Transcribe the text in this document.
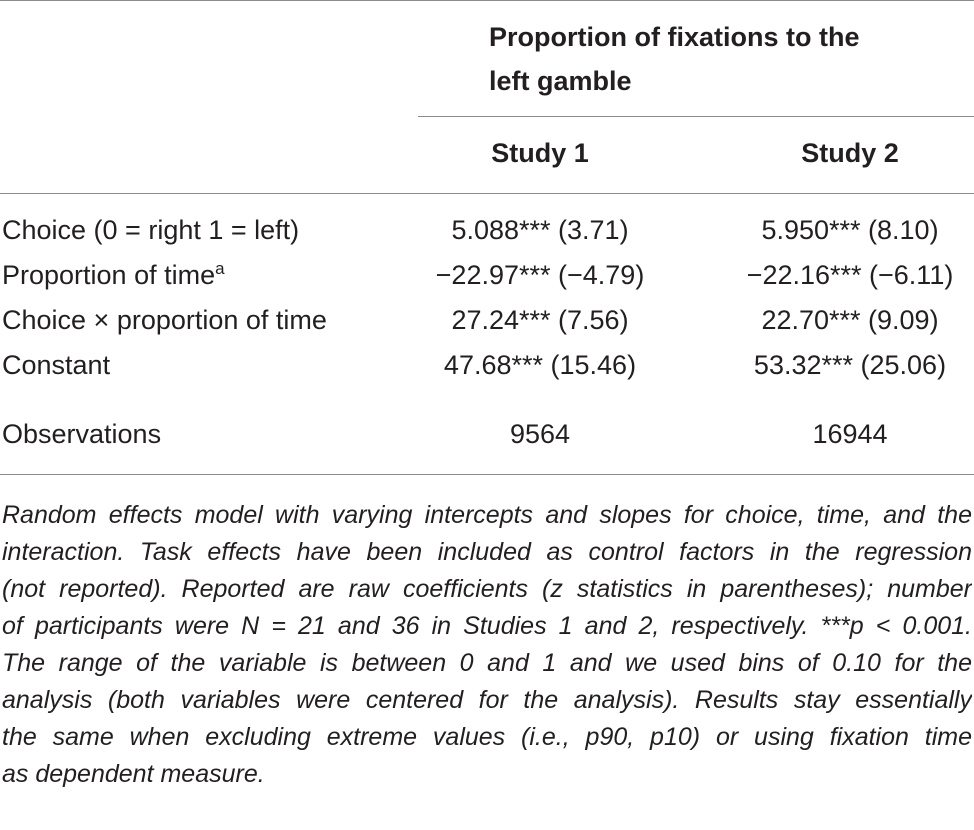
Proportion of fixations to the
left gamble
Study 1	Study 2
Choice (0 = right 1 = left)	5.088*** (3.71)	5.950*** (8.10)
Proportion of time$^a$	−22.97*** (−4.79)	−22.16*** (−6.11)
Choice × proportion of time	27.24*** (7.56)	22.70*** (9.09)
Constant	47.68*** (15.46)	53.32*** (25.06)
Observations	9564	16944
Random effects model with varying intercepts and slopes for choice, time, and the
interaction. Task effects have been included as control factors in the regression
(not reported). Reported are raw coefficients (z statistics in parentheses); number
of participants were N = 21 and 36 in Studies 1 and 2, respectively. ***p < 0.001.
The range of the variable is between 0 and 1 and we used bins of 0.10 for the
analysis (both variables were centered for the analysis). Results stay essentially
the same when excluding extreme values (i.e., p90, p10) or using fixation time
as dependent measure.
